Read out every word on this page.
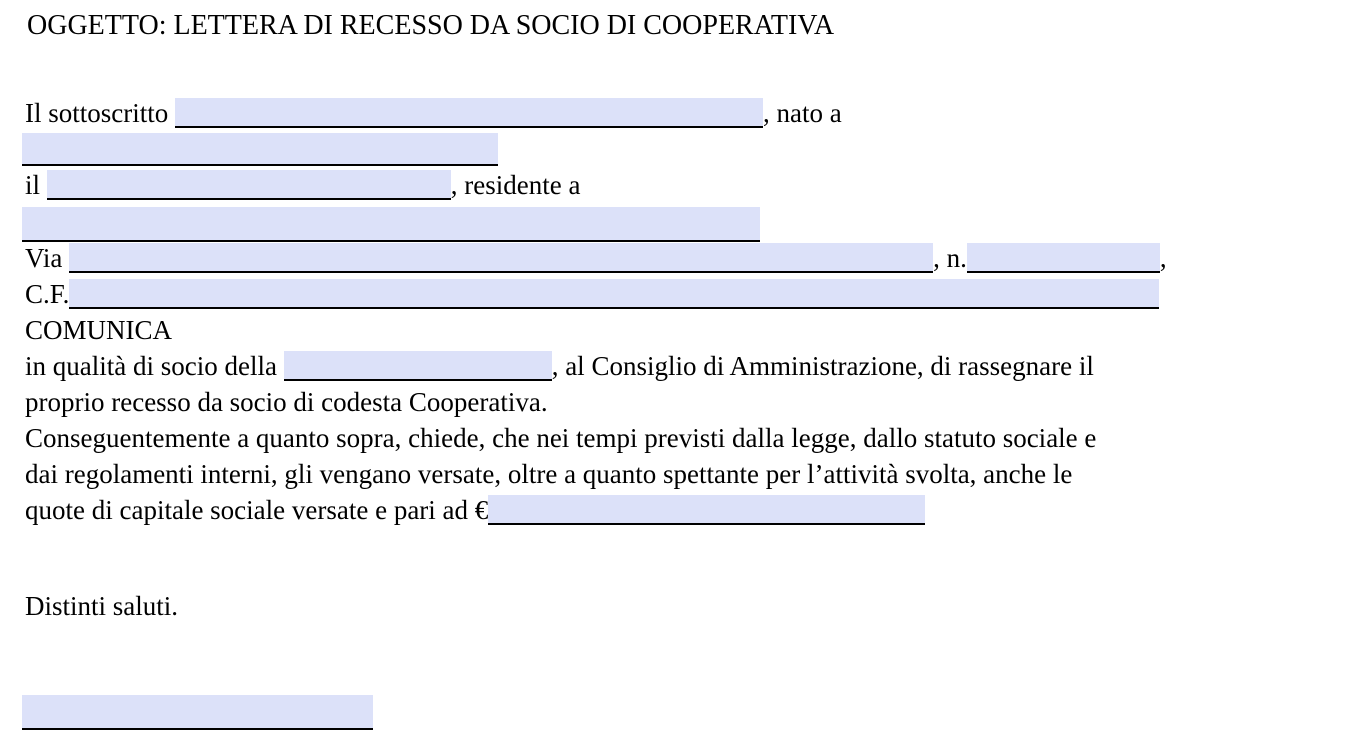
OGGETTO: LETTERA DI RECESSO DA SOCIO DI COOPERATIVA
Il sottoscritto	, nato a
il	, residente a
Via	, n.	,
C.F.
COMUNICA
in qualità di socio della	, al Consiglio di Amministrazione, di rassegnare il
proprio recesso da socio di codesta Cooperativa.
Conseguentemente a quanto sopra, chiede, che nei tempi previsti dalla legge, dallo statuto sociale e
dai regolamenti interni, gli vengano versate, oltre a quanto spettante per l’attività svolta, anche le
quote di capitale sociale versate e pari ad €
Distinti saluti.
